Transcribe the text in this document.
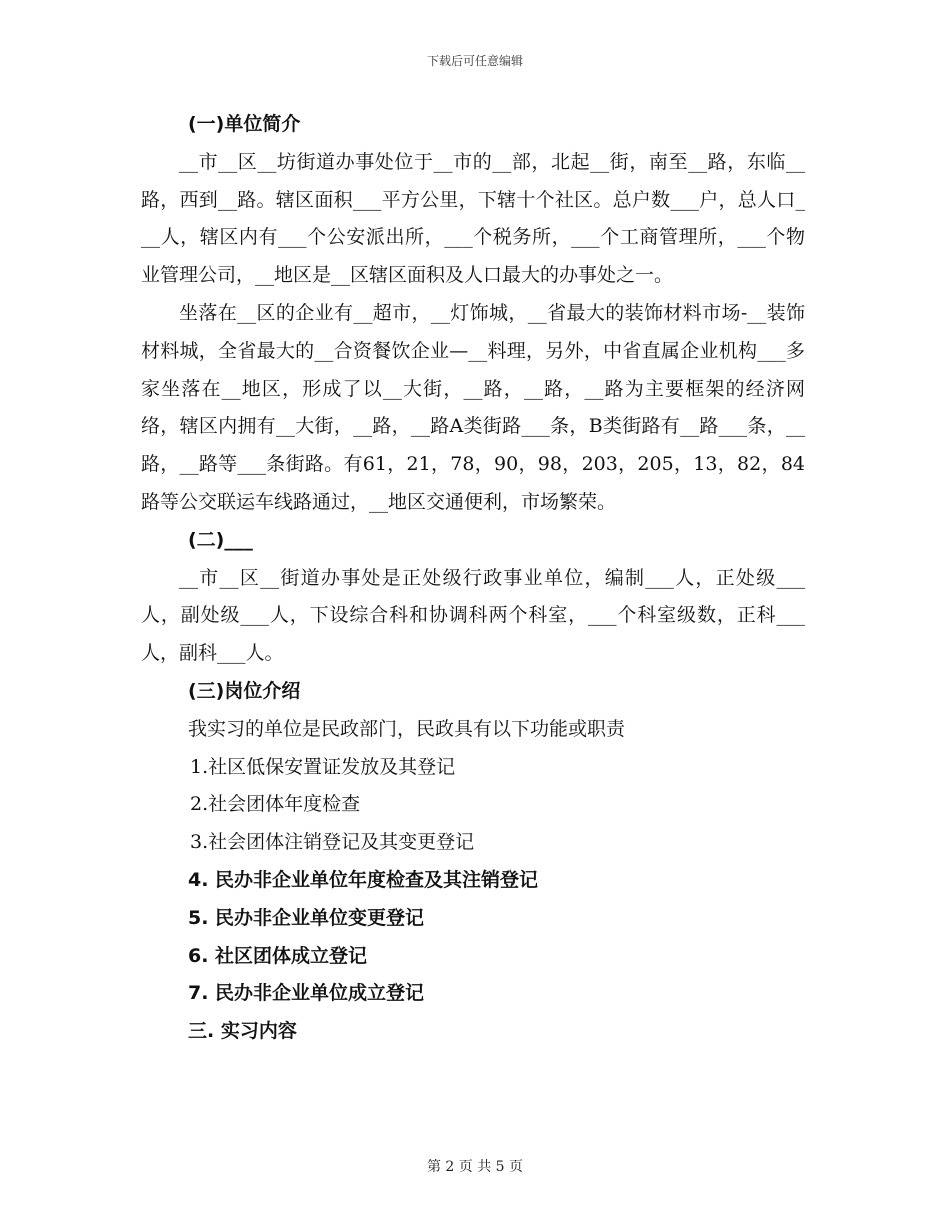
下载后可任意编辑

(一)单位简介

__市__区__坊街道办事处位于__市的__部，北起__街，南至__路，东临__路，西到__路。辖区面积___平方公里，下辖十个社区。总户数___户，总人口___人，辖区内有___个公安派出所，___个税务所，___个工商管理所，___个物业管理公司，__地区是__区辖区面积及人口最大的办事处之一。

坐落在__区的企业有__超市，__灯饰城，__省最大的装饰材料市场-__装饰材料城，全省最大的__合资餐饮企业—__料理，另外，中省直属企业机构___多家坐落在__地区，形成了以__大街，__路，__路，__路为主要框架的经济网络，辖区内拥有__大街，__路，__路A类街路___条，B类街路有__路___条，__路，__路等___条街路。有61，21，78，90，98，203，205，13，82，84路等公交联运车线路通过，__地区交通便利，市场繁荣。

(二)___

__市__区__街道办事处是正处级行政事业单位，编制___人，正处级___人，副处级___人，下设综合科和协调科两个科室，___个科室级数，正科___人，副科___人。

(三)岗位介绍

我实习的单位是民政部门，民政具有以下功能或职责

1.社区低保安置证发放及其登记

2.社会团体年度检查

3.社会团体注销登记及其变更登记

4. 民办非企业单位年度检查及其注销登记

5. 民办非企业单位变更登记

6. 社区团体成立登记

7. 民办非企业单位成立登记

三. 实习内容

第 2 页 共 5 页
